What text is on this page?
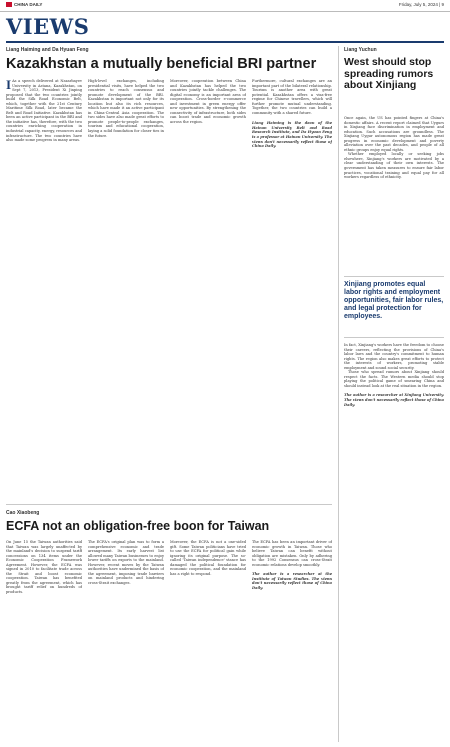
CHINA DAILY	Friday, July 5, 2024 | 9
VIEWS
Liang Haiming and Da Hyuan Feng
Kazakhstan a mutually beneficial BRI partner

I As a speech delivered at Nazarbayev University in Astana, Kazakhstan, on Sept 7, 2013, President Xi Jinping proposed that the two countries jointly build the Silk Road Economic Belt, which, together with the 21st Century Maritime Silk Road, later became the Belt and Road Initiative. Kazakhstan has been an active participant in the BRI and the initiative has, therefore, with the two countries enriching cooperation in industrial capacity, energy, resources and infrastructure. The two countries have also made some progress in many areas.

High-level exchanges, including presidential visits, have helped the two countries to reach consensus and promote development of the BRI. Kazakhstan is important not only for its location but also its rich resources, which have made it an active participant in China-Central Asia cooperation. The two sides have also made great efforts to promote people-to-people exchanges, tourism and educational cooperation, laying a solid foundation for closer ties in the future.

Moreover, cooperation between China and Kazakhstan has helped the two countries jointly tackle challenges. The digital economy is an important area of cooperation. Cross-border e-commerce and investment in green energy offer new opportunities. By strengthening the connectivity of infrastructure, both sides can boost trade and economic growth across the region.

Furthermore, cultural exchanges are an important part of the bilateral relationship. Tourism is another area with great potential. Kazakhstan offers a visa-free regime for Chinese travellers, which will further promote mutual understanding. Together, the two countries can build a community with a shared future.

Liang Haiming is the dean of the Hainan University Belt and Road Research Institute, and Da Hyuan Feng is a professor at Hainan University. The views don't necessarily reflect those of China Daily.

Cao Xiaobeng
ECFA not an obligation-free boon for Taiwan

On June 15 the Taiwan authorities said that Taiwan was largely unaffected by the mainland's decision to suspend tariff concessions on 134 items under the Economic Cooperation Framework Agreement. However, the ECFA was signed in 2010 to facilitate trade across the Strait and boost economic cooperation. Taiwan has benefited greatly from the agreement, which has brought tariff relief on hundreds of products.

The ECFA's original plan was to form a comprehensive economic and trade arrangement. Its early harvest list allowed many Taiwan businesses to enjoy lower tariffs on exports to the mainland. However, recent moves by the Taiwan authorities have undermined the basis of the agreement, imposing trade barriers on mainland products and hindering cross-Strait exchanges.

Moreover, the ECFA is not a one-sided gift. Some Taiwan politicians have tried to use the ECFA for political gain while ignoring its original purpose. The so-called 'Taiwan independence' stance has damaged the political foundation for economic cooperation, and the mainland has a right to respond.

The ECFA has been an important driver of economic growth in Taiwan. Those who believe Taiwan can benefit without obligation are mistaken. Only by adhering to the 1992 Consensus can cross-Strait economic relations develop smoothly.

The author is a researcher at the Institute of Taiwan Studies. The views don't necessarily reflect those of China Daily.

Liang Yuchun
West should stop spreading rumors about Xinjiang

Once again, the US has pointed fingers at China's domestic affairs. A recent report claimed that Uygurs in Xinjiang face discrimination in employment and education. Such accusations are groundless. The Xinjiang Uygur autonomous region has made great progress in economic development and poverty alleviation over the past decades, and people of all ethnic groups enjoy equal rights.

Whether employed locally or seeking jobs elsewhere, Xinjiang's workers are motivated by a clear understanding of their own interests. The government has taken measures to ensure fair labor practices, vocational training and equal pay for all workers regardless of ethnicity.

Xinjiang promotes equal labor rights and employment opportunities, fair labor rules, and legal protection for employees.

In fact, Xinjiang's workers have the freedom to choose their careers, reflecting the provisions of China's labor laws and the country's commitment to human rights. The region also makes great efforts to protect the interests of workers, promoting stable employment and sound social security.

Those who spread rumors about Xinjiang should respect the facts. The Western media should stop playing the political game of smearing China and should instead look at the real situation in the region.

The author is a researcher at Xinjiang University. The views don't necessarily reflect those of China Daily.
